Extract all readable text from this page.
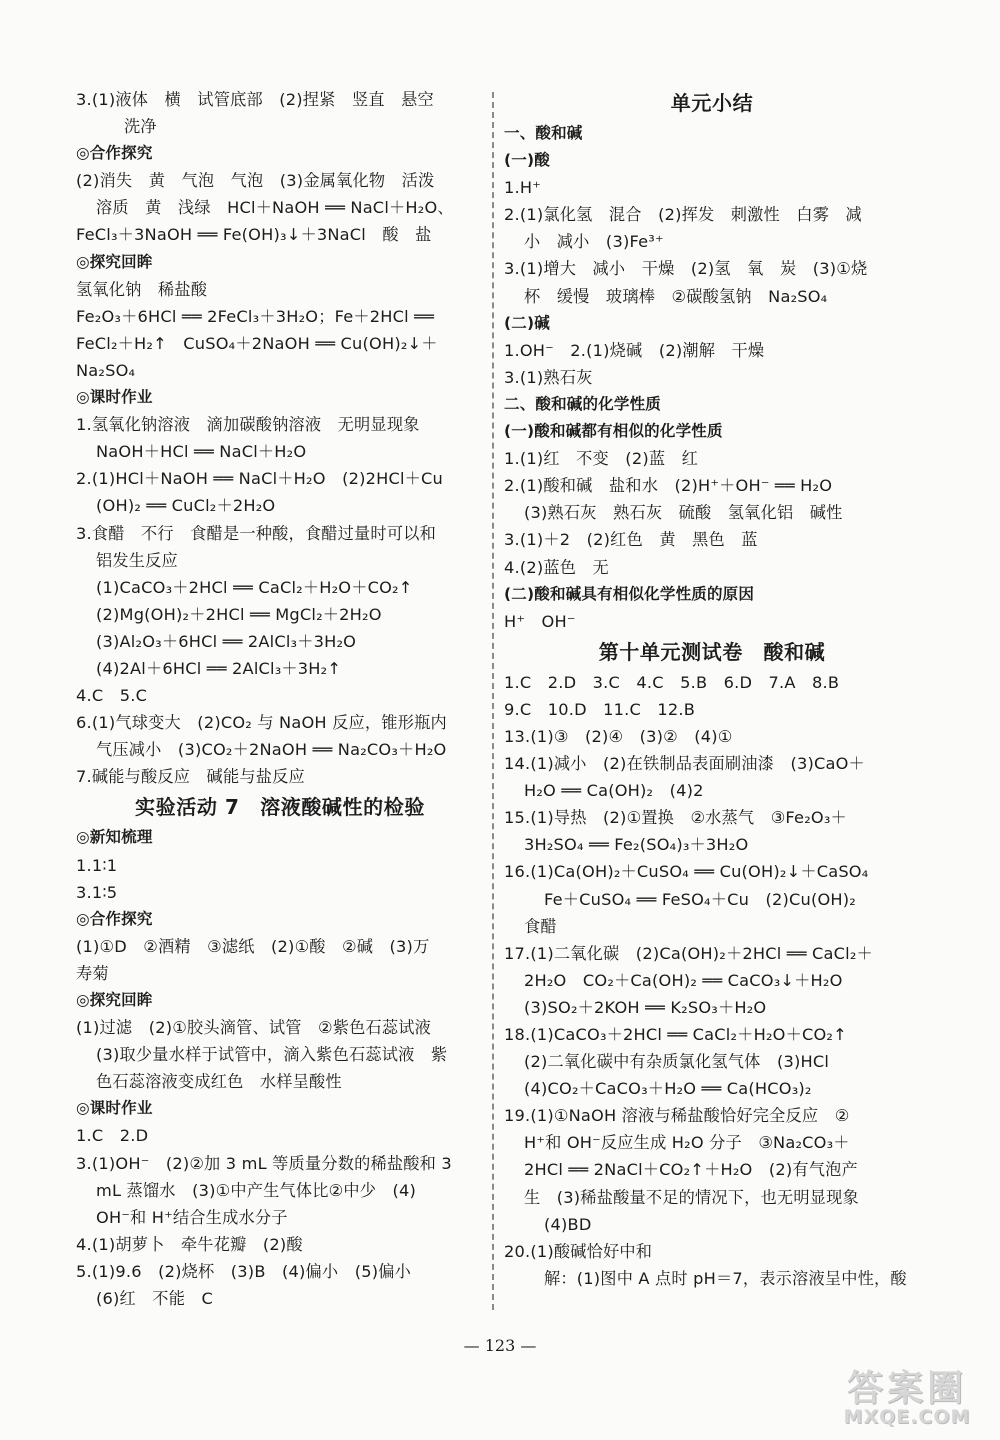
3.(1)液体　横　试管底部　(2)捏紧　竖直　悬空
洗净
◎合作探究
(2)消失　黄　气泡　气泡　(3)金属氧化物　活泼
溶质　黄　浅绿　HCl＋NaOH ══ NaCl＋H₂O、
FeCl₃＋3NaOH ══ Fe(OH)₃↓＋3NaCl　酸　盐
◎探究回眸
氢氧化钠　稀盐酸
Fe₂O₃＋6HCl ══ 2FeCl₃＋3H₂O；Fe＋2HCl ══
FeCl₂＋H₂↑　CuSO₄＋2NaOH ══ Cu(OH)₂↓＋
Na₂SO₄
◎课时作业
1.氢氧化钠溶液　滴加碳酸钠溶液　无明显现象
NaOH＋HCl ══ NaCl＋H₂O
2.(1)HCl＋NaOH ══ NaCl＋H₂O　(2)2HCl＋Cu
(OH)₂ ══ CuCl₂＋2H₂O
3.食醋　不行　食醋是一种酸，食醋过量时可以和
铝发生反应
(1)CaCO₃＋2HCl ══ CaCl₂＋H₂O＋CO₂↑
(2)Mg(OH)₂＋2HCl ══ MgCl₂＋2H₂O
(3)Al₂O₃＋6HCl ══ 2AlCl₃＋3H₂O
(4)2Al＋6HCl ══ 2AlCl₃＋3H₂↑
4.C　5.C
6.(1)气球变大　(2)CO₂ 与 NaOH 反应，锥形瓶内
气压减小　(3)CO₂＋2NaOH ══ Na₂CO₃＋H₂O
7.碱能与酸反应　碱能与盐反应
实验活动 7　溶液酸碱性的检验
◎新知梳理
1.1∶1
3.1∶5
◎合作探究
(1)①D　②酒精　③滤纸　(2)①酸　②碱　(3)万
寿菊
◎探究回眸
(1)过滤　(2)①胶头滴管、试管　②紫色石蕊试液
(3)取少量水样于试管中，滴入紫色石蕊试液　紫
色石蕊溶液变成红色　水样呈酸性
◎课时作业
1.C　2.D
3.(1)OH⁻　(2)②加 3 mL 等质量分数的稀盐酸和 3
mL 蒸馏水　(3)①中产生气体比②中少　(4)
OH⁻和 H⁺结合生成水分子
4.(1)胡萝卜　牵牛花瓣　(2)酸
5.(1)9.6　(2)烧杯　(3)B　(4)偏小　(5)偏小
(6)红　不能　C
单元小结
一、酸和碱
(一)酸
1.H⁺
2.(1)氯化氢　混合　(2)挥发　刺激性　白雾　减
小　减小　(3)Fe³⁺
3.(1)增大　减小　干燥　(2)氢　氧　炭　(3)①烧
杯　缓慢　玻璃棒　②碳酸氢钠　Na₂SO₄
(二)碱
1.OH⁻　2.(1)烧碱　(2)潮解　干燥
3.(1)熟石灰
二、酸和碱的化学性质
(一)酸和碱都有相似的化学性质
1.(1)红　不变　(2)蓝　红
2.(1)酸和碱　盐和水　(2)H⁺＋OH⁻ ══ H₂O
(3)熟石灰　熟石灰　硫酸　氢氧化铝　碱性
3.(1)＋2　(2)红色　黄　黑色　蓝
4.(2)蓝色　无
(二)酸和碱具有相似化学性质的原因
H⁺　OH⁻
第十单元测试卷　酸和碱
1.C　2.D　3.C　4.C　5.B　6.D　7.A　8.B
9.C　10.D　11.C　12.B
13.(1)③　(2)④　(3)②　(4)①
14.(1)减小　(2)在铁制品表面刷油漆　(3)CaO＋
H₂O ══ Ca(OH)₂　(4)2
15.(1)导热　(2)①置换　②水蒸气　③Fe₂O₃＋
3H₂SO₄ ══ Fe₂(SO₄)₃＋3H₂O
16.(1)Ca(OH)₂＋CuSO₄ ══ Cu(OH)₂↓＋CaSO₄
Fe＋CuSO₄ ══ FeSO₄＋Cu　(2)Cu(OH)₂
食醋
17.(1)二氧化碳　(2)Ca(OH)₂＋2HCl ══ CaCl₂＋
2H₂O　CO₂＋Ca(OH)₂ ══ CaCO₃↓＋H₂O
(3)SO₂＋2KOH ══ K₂SO₃＋H₂O
18.(1)CaCO₃＋2HCl ══ CaCl₂＋H₂O＋CO₂↑
(2)二氧化碳中有杂质氯化氢气体　(3)HCl
(4)CO₂＋CaCO₃＋H₂O ══ Ca(HCO₃)₂
19.(1)①NaOH 溶液与稀盐酸恰好完全反应　②
H⁺和 OH⁻反应生成 H₂O 分子　③Na₂CO₃＋
2HCl ══ 2NaCl＋CO₂↑＋H₂O　(2)有气泡产
生　(3)稀盐酸量不足的情况下，也无明显现象
(4)BD
20.(1)酸碱恰好中和
解：(1)图中 A 点时 pH＝7，表示溶液呈中性，酸
— 123 —
答案圈
MXQE.COM
